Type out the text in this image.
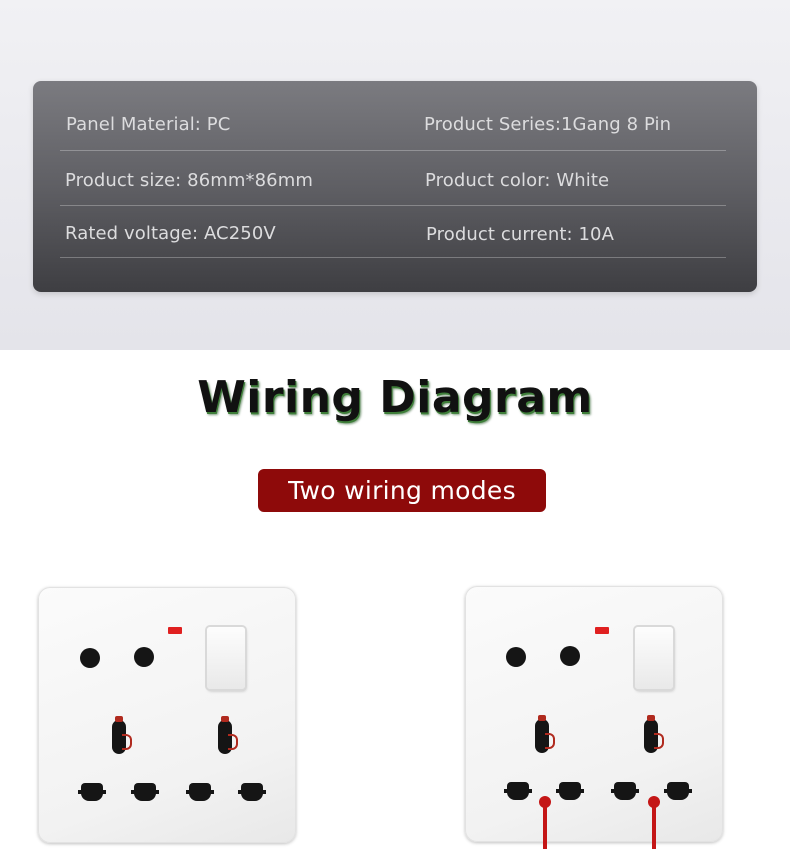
Panel Material: PC	Product Series:1Gang 8 Pin
Product size: 86mm*86mm	Product color: White
Rated voltage: AC250V	Product current: 10A
Wiring Diagram
Two wiring modes
